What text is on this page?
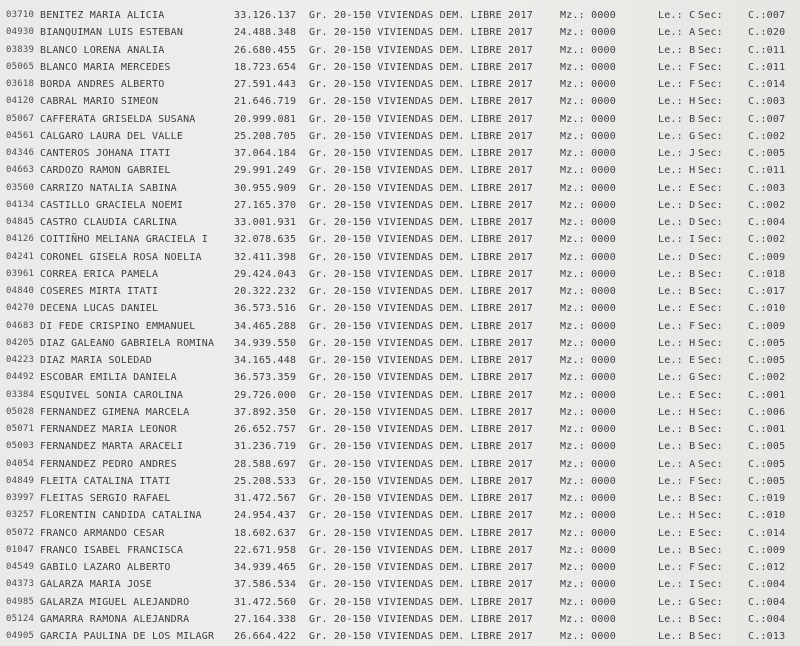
03710 BENITEZ MARIA ALICIA	33.126.137 Gr. 20-150 VIVIENDAS DEM. LIBRE 2017	Mz.: 0000	Le.: C Sec:	C.:007
04930 BIANQUIMAN LUIS ESTEBAN	24.488.348 Gr. 20-150 VIVIENDAS DEM. LIBRE 2017	Mz.: 0000	Le.: A Sec:	C.:020
03839 BLANCO LORENA ANALIA	26.680.455 Gr. 20-150 VIVIENDAS DEM. LIBRE 2017	Mz.: 0000	Le.: B Sec:	C.:011
05065 BLANCO MARIA MERCEDES	18.723.654 Gr. 20-150 VIVIENDAS DEM. LIBRE 2017	Mz.: 0000	Le.: F Sec:	C.:011
03618 BORDA ANDRES ALBERTO	27.591.443 Gr. 20-150 VIVIENDAS DEM. LIBRE 2017	Mz.: 0000	Le.: F Sec:	C.:014
04120 CABRAL MARIO SIMEON	21.646.719 Gr. 20-150 VIVIENDAS DEM. LIBRE 2017	Mz.: 0000	Le.: H Sec:	C.:003
05067 CAFFERATA GRISELDA SUSANA	20.999.081 Gr. 20-150 VIVIENDAS DEM. LIBRE 2017	Mz.: 0000	Le.: B Sec:	C.:007
04561 CALGARO LAURA DEL VALLE	25.208.705 Gr. 20-150 VIVIENDAS DEM. LIBRE 2017	Mz.: 0000	Le.: G Sec:	C.:002
04346 CANTEROS JOHANA ITATI	37.064.184 Gr. 20-150 VIVIENDAS DEM. LIBRE 2017	Mz.: 0000	Le.: J Sec:	C.:005
04663 CARDOZO RAMON GABRIEL	29.991.249 Gr. 20-150 VIVIENDAS DEM. LIBRE 2017	Mz.: 0000	Le.: H Sec:	C.:011
03560 CARRIZO NATALIA SABINA	30.955.909 Gr. 20-150 VIVIENDAS DEM. LIBRE 2017	Mz.: 0000	Le.: E Sec:	C.:003
04134 CASTILLO GRACIELA NOEMI	27.165.370 Gr. 20-150 VIVIENDAS DEM. LIBRE 2017	Mz.: 0000	Le.: D Sec:	C.:002
04845 CASTRO CLAUDIA CARLINA	33.001.931 Gr. 20-150 VIVIENDAS DEM. LIBRE 2017	Mz.: 0000	Le.: D Sec:	C.:004
04126 COITIÑHO MELIANA GRACIELA I	32.078.635 Gr. 20-150 VIVIENDAS DEM. LIBRE 2017	Mz.: 0000	Le.: I Sec:	C.:002
04241 CORONEL GISELA ROSA NOELIA	32.411.398 Gr. 20-150 VIVIENDAS DEM. LIBRE 2017	Mz.: 0000	Le.: D Sec:	C.:009
03961 CORREA ERICA PAMELA	29.424.043 Gr. 20-150 VIVIENDAS DEM. LIBRE 2017	Mz.: 0000	Le.: B Sec:	C.:018
04840 COSERES MIRTA ITATI	20.322.232 Gr. 20-150 VIVIENDAS DEM. LIBRE 2017	Mz.: 0000	Le.: B Sec:	C.:017
04270 DECENA LUCAS DANIEL	36.573.516 Gr. 20-150 VIVIENDAS DEM. LIBRE 2017	Mz.: 0000	Le.: E Sec:	C.:010
04683 DI FEDE CRISPINO EMMANUEL	34.465.288 Gr. 20-150 VIVIENDAS DEM. LIBRE 2017	Mz.: 0000	Le.: F Sec:	C.:009
04205 DIAZ GALEANO GABRIELA ROMINA	34.939.550 Gr. 20-150 VIVIENDAS DEM. LIBRE 2017	Mz.: 0000	Le.: H Sec:	C.:005
04223 DIAZ MARIA SOLEDAD	34.165.448 Gr. 20-150 VIVIENDAS DEM. LIBRE 2017	Mz.: 0000	Le.: E Sec:	C.:005
04492 ESCOBAR EMILIA DANIELA	36.573.359 Gr. 20-150 VIVIENDAS DEM. LIBRE 2017	Mz.: 0000	Le.: G Sec:	C.:002
03384 ESQUIVEL SONIA CAROLINA	29.726.000 Gr. 20-150 VIVIENDAS DEM. LIBRE 2017	Mz.: 0000	Le.: E Sec:	C.:001
05028 FERNANDEZ GIMENA MARCELA	37.892.350 Gr. 20-150 VIVIENDAS DEM. LIBRE 2017	Mz.: 0000	Le.: H Sec:	C.:006
05071 FERNANDEZ MARIA LEONOR	26.652.757 Gr. 20-150 VIVIENDAS DEM. LIBRE 2017	Mz.: 0000	Le.: B Sec:	C.:001
05003 FERNANDEZ MARTA ARACELI	31.236.719 Gr. 20-150 VIVIENDAS DEM. LIBRE 2017	Mz.: 0000	Le.: B Sec:	C.:005
04054 FERNANDEZ PEDRO ANDRES	28.588.697 Gr. 20-150 VIVIENDAS DEM. LIBRE 2017	Mz.: 0000	Le.: A Sec:	C.:005
04849 FLEITA CATALINA ITATI	25.208.533 Gr. 20-150 VIVIENDAS DEM. LIBRE 2017	Mz.: 0000	Le.: F Sec:	C.:005
03997 FLEITAS SERGIO RAFAEL	31.472.567 Gr. 20-150 VIVIENDAS DEM. LIBRE 2017	Mz.: 0000	Le.: B Sec:	C.:019
03257 FLORENTIN CANDIDA CATALINA	24.954.437 Gr. 20-150 VIVIENDAS DEM. LIBRE 2017	Mz.: 0000	Le.: H Sec:	C.:010
05072 FRANCO ARMANDO CESAR	18.602.637 Gr. 20-150 VIVIENDAS DEM. LIBRE 2017	Mz.: 0000	Le.: E Sec:	C.:014
01047 FRANCO ISABEL FRANCISCA	22.671.958 Gr. 20-150 VIVIENDAS DEM. LIBRE 2017	Mz.: 0000	Le.: B Sec:	C.:009
04549 GABILO LAZARO ALBERTO	34.939.465 Gr. 20-150 VIVIENDAS DEM. LIBRE 2017	Mz.: 0000	Le.: F Sec:	C.:012
04373 GALARZA MARIA JOSE	37.586.534 Gr. 20-150 VIVIENDAS DEM. LIBRE 2017	Mz.: 0000	Le.: I Sec:	C.:004
04985 GALARZA MIGUEL ALEJANDRO	31.472.560 Gr. 20-150 VIVIENDAS DEM. LIBRE 2017	Mz.: 0000	Le.: G Sec:	C.:004
05124 GAMARRA RAMONA ALEJANDRA	27.164.338 Gr. 20-150 VIVIENDAS DEM. LIBRE 2017	Mz.: 0000	Le.: B Sec:	C.:004
04905 GARCIA PAULINA DE LOS MILAGR	26.664.422 Gr. 20-150 VIVIENDAS DEM. LIBRE 2017	Mz.: 0000	Le.: B Sec:	C.:013
